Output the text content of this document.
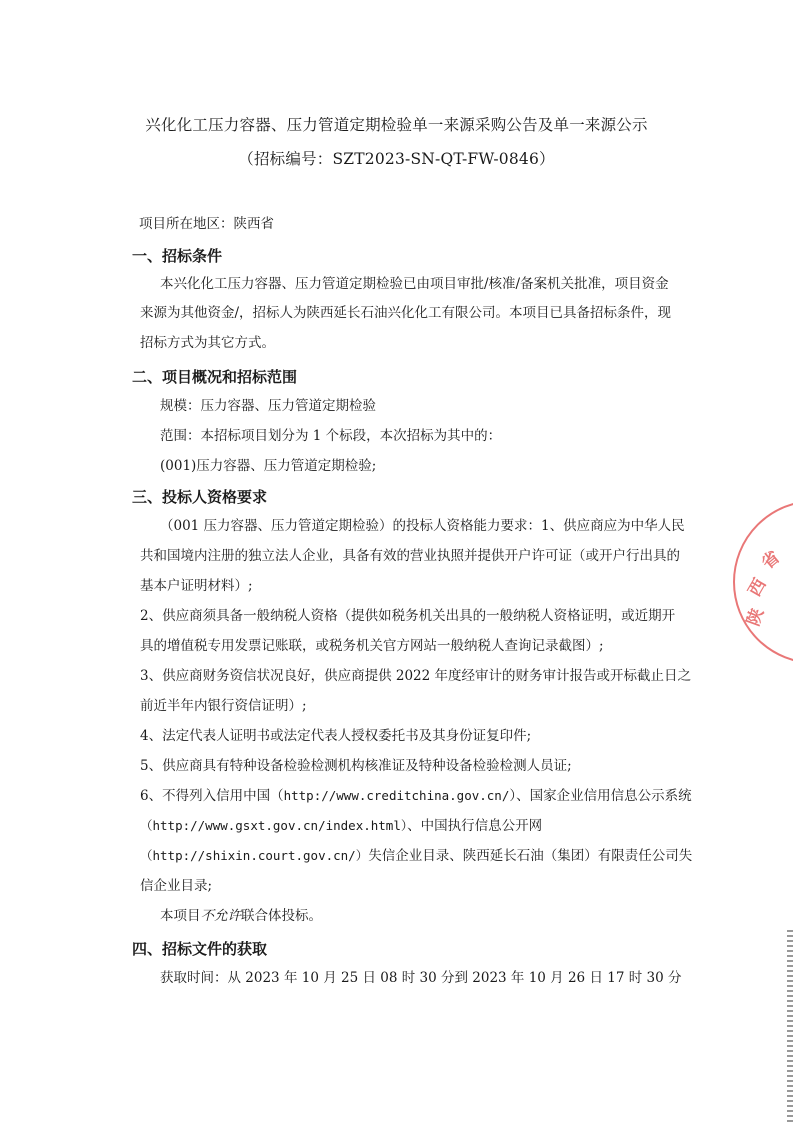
兴化化工压力容器、压力管道定期检验单一来源采购公告及单一来源公示
（招标编号：SZT2023-SN-QT-FW-0846）
项目所在地区：陕西省
一、招标条件
本兴化化工压力容器、压力管道定期检验已由项目审批/核准/备案机关批准，项目资金
来源为其他资金/，招标人为陕西延长石油兴化化工有限公司。本项目已具备招标条件，现
招标方式为其它方式。
二、项目概况和招标范围
规模：压力容器、压力管道定期检验
范围：本招标项目划分为 1 个标段，本次招标为其中的：
(001)压力容器、压力管道定期检验;
三、投标人资格要求
（001 压力容器、压力管道定期检验）的投标人资格能力要求：1、供应商应为中华人民
共和国境内注册的独立法人企业，具备有效的营业执照并提供开户许可证（或开户行出具的
基本户证明材料）;
2、供应商须具备一般纳税人资格（提供如税务机关出具的一般纳税人资格证明，或近期开
具的增值税专用发票记账联，或税务机关官方网站一般纳税人查询记录截图）;
3、供应商财务资信状况良好，供应商提供 2022 年度经审计的财务审计报告或开标截止日之
前近半年内银行资信证明）;
4、法定代表人证明书或法定代表人授权委托书及其身份证复印件;
5、供应商具有特种设备检验检测机构核准证及特种设备检验检测人员证;
6、不得列入信用中国（http://www.creditchina.gov.cn/）、国家企业信用信息公示系统
（http://www.gsxt.gov.cn/index.html）、中国执行信息公开网
（http://shixin.court.gov.cn/）失信企业目录、陕西延长石油（集团）有限责任公司失
信企业目录;
本项目不允许联合体投标。
四、招标文件的获取
获取时间：从 2023 年 10 月 25 日 08 时 30 分到 2023 年 10 月 26 日 17 时 30 分
陕
西
省
